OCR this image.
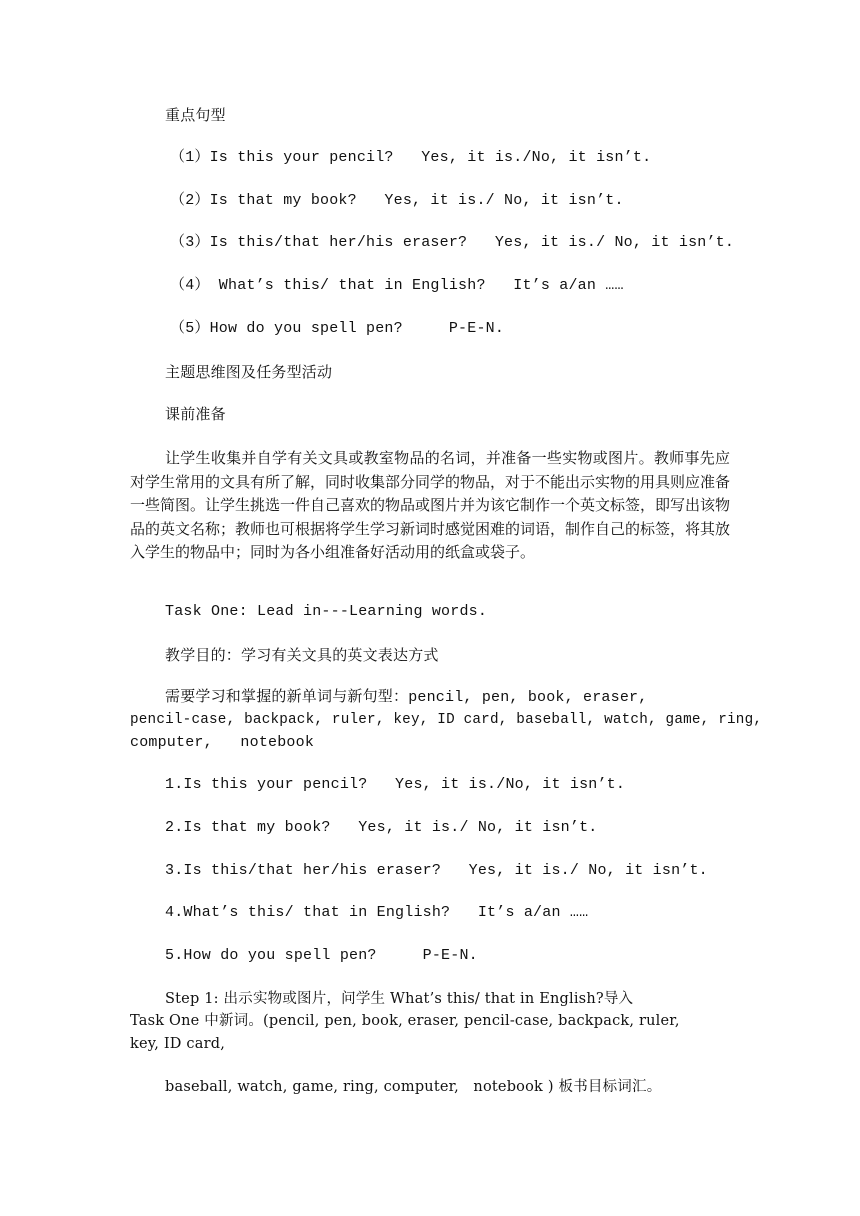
重点句型
（1）Is this your pencil?   Yes, it is./No, it isn’t.
（2）Is that my book?   Yes, it is./ No, it isn’t.
（3）Is this/that her/his eraser?   Yes, it is./ No, it isn’t.
（4） What’s this/ that in English?   It’s a/an ……
（5）How do you spell pen?     P-E-N.
主题思维图及任务型活动
课前准备
让学生收集并自学有关文具或教室物品的名词，并准备一些实物或图片。教师事先应对学生常用的文具有所了解，同时收集部分同学的物品，对于不能出示实物的用具则应准备一些简图。让学生挑选一件自己喜欢的物品或图片并为该它制作一个英文标签，即写出该物品的英文名称；教师也可根据将学生学习新词时感觉困难的词语，制作自己的标签，将其放入学生的物品中；同时为各小组准备好活动用的纸盒或袋子。
Task One: Lead in---Learning words.
教学目的：学习有关文具的英文表达方式
需要学习和掌握的新单词与新句型：pencil, pen, book, eraser,
pencil-case, backpack, ruler, key, ID card, baseball, watch, game, ring,
computer,   notebook
1.Is this your pencil?   Yes, it is./No, it isn’t.
2.Is that my book?   Yes, it is./ No, it isn’t.
3.Is this/that her/his eraser?   Yes, it is./ No, it isn’t.
4.What’s this/ that in English?   It’s a/an ……
5.How do you spell pen?     P-E-N.
Step 1: 出示实物或图片，问学生 What’s this/ that in English?导入
Task One 中新词。(pencil, pen, book, eraser, pencil-case, backpack, ruler,
key, ID card,
baseball, watch, game, ring, computer,   notebook ) 板书目标词汇。
